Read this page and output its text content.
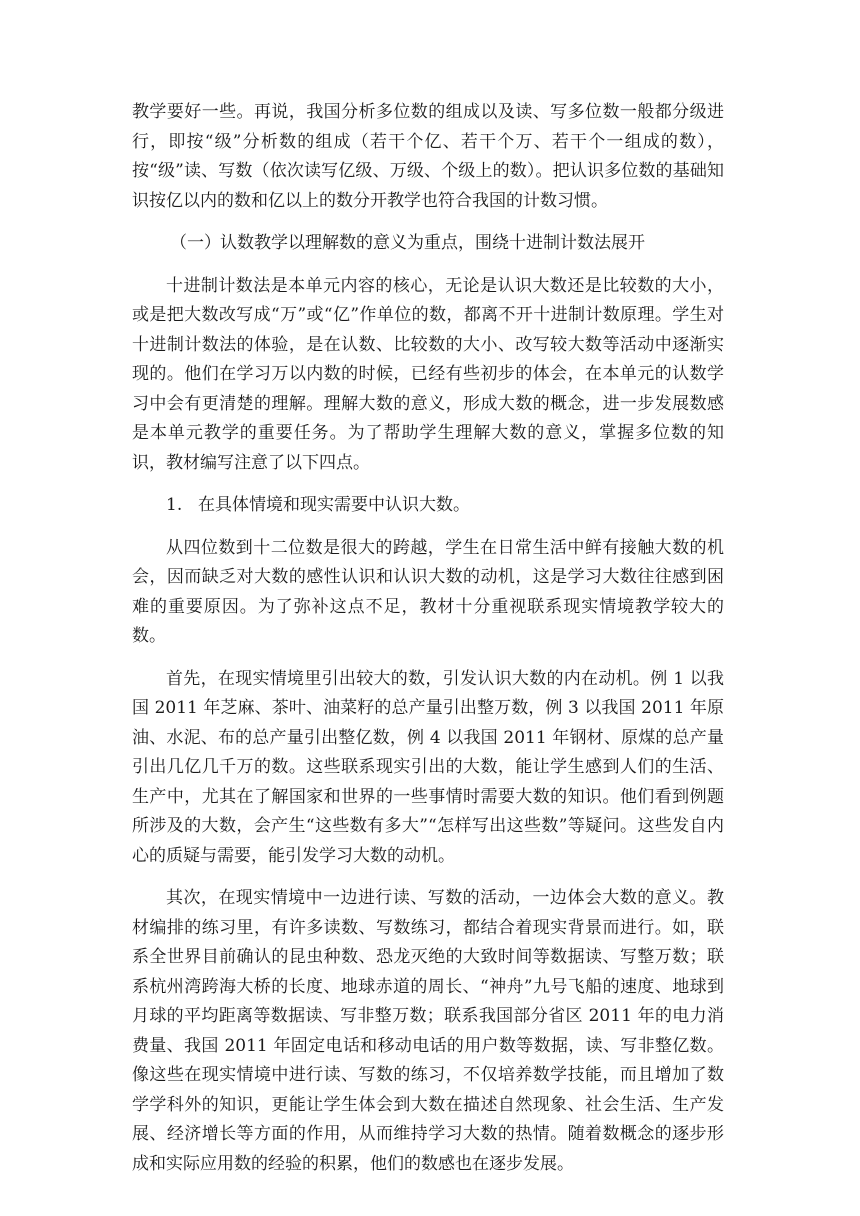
教学要好一些。再说，我国分析多位数的组成以及读、写多位数一般都分级进行，即按“级”分析数的组成（若干个亿、若干个万、若干个一组成的数），按“级”读、写数（依次读写亿级、万级、个级上的数）。把认识多位数的基础知识按亿以内的数和亿以上的数分开教学也符合我国的计数习惯。

（一）认数教学以理解数的意义为重点，围绕十进制计数法展开

十进制计数法是本单元内容的核心，无论是认识大数还是比较数的大小，或是把大数改写成“万”或“亿”作单位的数，都离不开十进制计数原理。学生对十进制计数法的体验，是在认数、比较数的大小、改写较大数等活动中逐渐实现的。他们在学习万以内数的时候，已经有些初步的体会，在本单元的认数学习中会有更清楚的理解。理解大数的意义，形成大数的概念，进一步发展数感是本单元教学的重要任务。为了帮助学生理解大数的意义，掌握多位数的知识，教材编写注意了以下四点。

1. 在具体情境和现实需要中认识大数。

从四位数到十二位数是很大的跨越，学生在日常生活中鲜有接触大数的机会，因而缺乏对大数的感性认识和认识大数的动机，这是学习大数往往感到困难的重要原因。为了弥补这点不足，教材十分重视联系现实情境教学较大的数。

首先，在现实情境里引出较大的数，引发认识大数的内在动机。例 1 以我国 2011 年芝麻、茶叶、油菜籽的总产量引出整万数，例 3 以我国 2011 年原油、水泥、布的总产量引出整亿数，例 4 以我国 2011 年钢材、原煤的总产量引出几亿几千万的数。这些联系现实引出的大数，能让学生感到人们的生活、生产中，尤其在了解国家和世界的一些事情时需要大数的知识。他们看到例题所涉及的大数，会产生“这些数有多大”“怎样写出这些数”等疑问。这些发自内心的质疑与需要，能引发学习大数的动机。

其次，在现实情境中一边进行读、写数的活动，一边体会大数的意义。教材编排的练习里，有许多读数、写数练习，都结合着现实背景而进行。如，联系全世界目前确认的昆虫种数、恐龙灭绝的大致时间等数据读、写整万数；联系杭州湾跨海大桥的长度、地球赤道的周长、“神舟”九号飞船的速度、地球到月球的平均距离等数据读、写非整万数；联系我国部分省区 2011 年的电力消费量、我国 2011 年固定电话和移动电话的用户数等数据，读、写非整亿数。像这些在现实情境中进行读、写数的练习，不仅培养数学技能，而且增加了数学学科外的知识，更能让学生体会到大数在描述自然现象、社会生活、生产发展、经济增长等方面的作用，从而维持学习大数的热情。随着数概念的逐步形成和实际应用数的经验的积累，他们的数感也在逐步发展。
